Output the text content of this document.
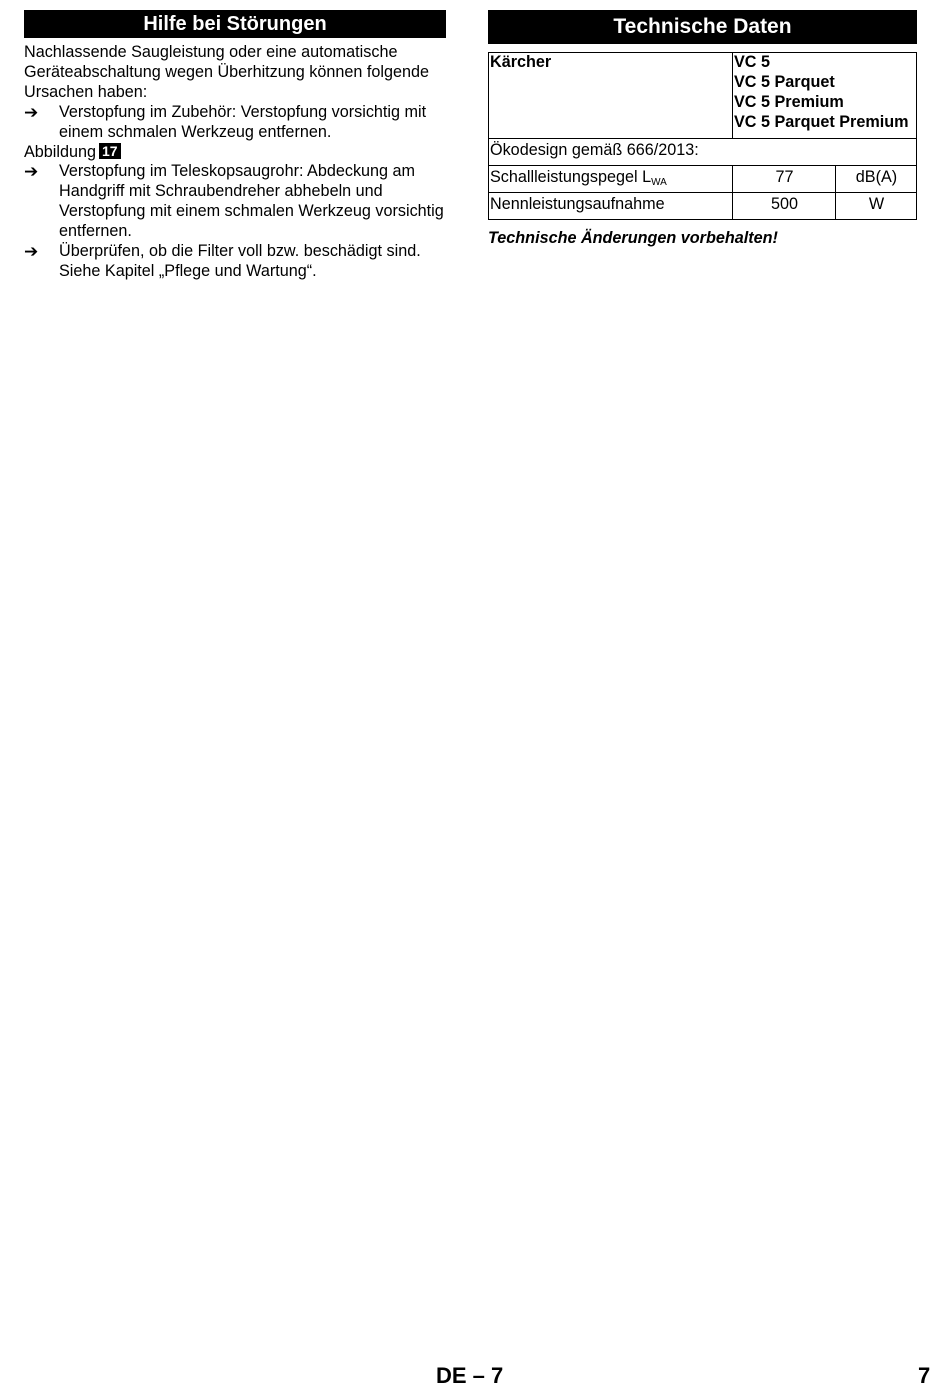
Hilfe bei Störungen

Nachlassende Saugleistung oder eine automatische Geräteabschaltung wegen Überhitzung können folgende Ursachen haben:

➔ Verstopfung im Zubehör: Verstopfung vorsichtig mit einem schmalen Werkzeug entfernen.

Abbildung 17

➔ Verstopfung im Teleskopsaugrohr: Abdeckung am Handgriff mit Schraubendreher abhebeln und Verstopfung mit einem schmalen Werkzeug vorsichtig entfernen.

➔ Überprüfen, ob die Filter voll bzw. beschädigt sind. Siehe Kapitel „Pflege und Wartung“.

Technische Daten
Kärcher	VC 5
VC 5 Parquet
VC 5 Premium
VC 5 Parquet Premium	

Ökodesign gemäß 666/2013:		
Schallleistungspegel $L_{WA}$	77	dB(A)
Nennleistungsaufnahme	500	W
Technische Änderungen vorbehalten!
DE – 7	7
